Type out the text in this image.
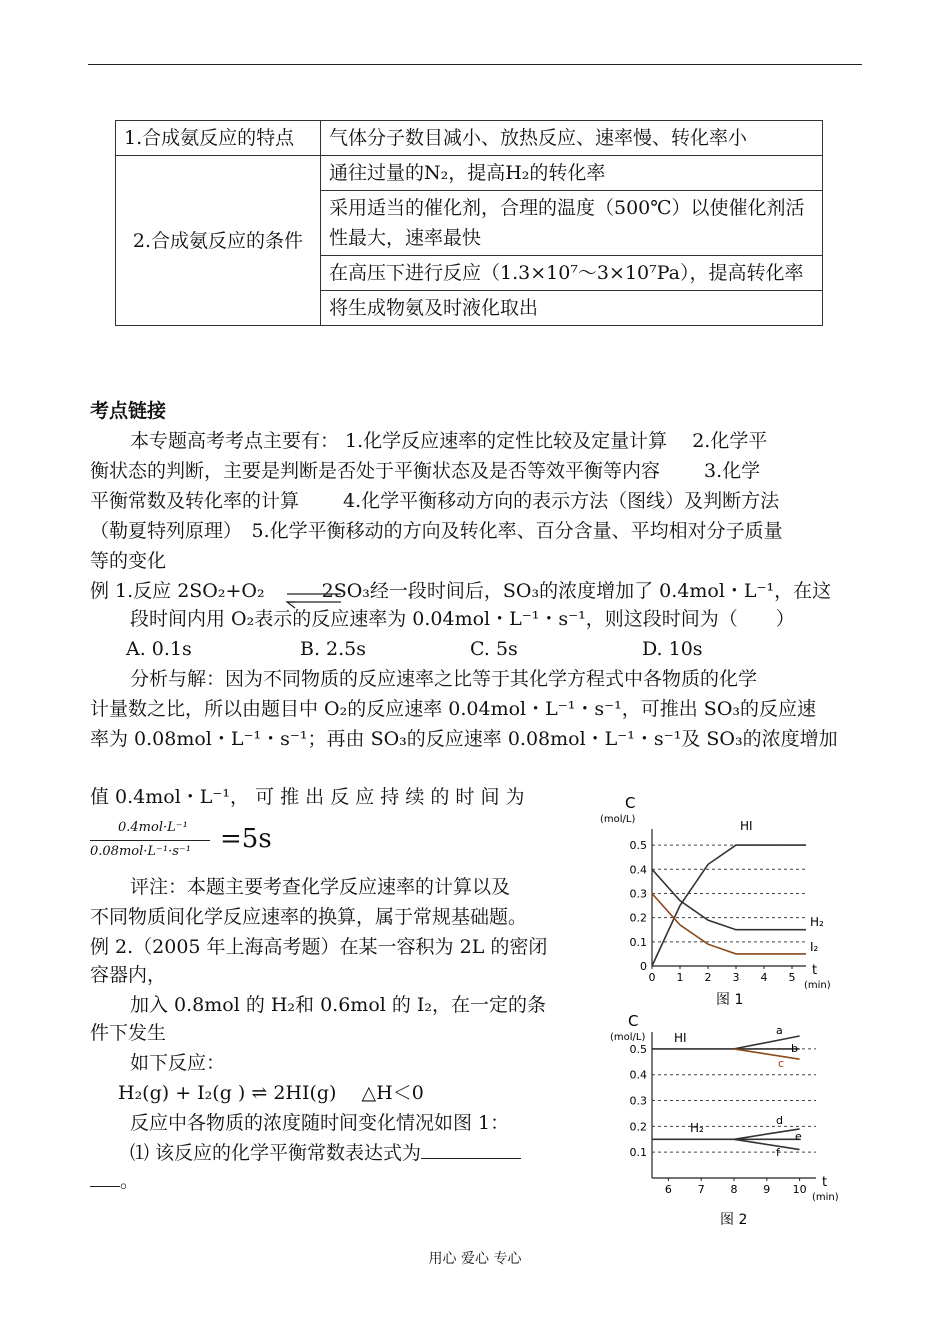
1.合成氨反应的特点	气体分子数目减小、放热反应、速率慢、转化率小
2.合成氨反应的条件	通往过量的N₂，提高H₂的转化率
	采用适当的催化剂，合理的温度（500℃）以使催化剂活性最大，速率最快
	在高压下进行反应（1.3×10⁷～3×10⁷Pa），提高转化率
	将生成物氨及时液化取出
考点链接
本专题高考考点主要有： 1.化学反应速率的定性比较及定量计算　 2.化学平
衡状态的判断，主要是判断是否处于平衡状态及是否等效平衡等内容　　 3.化学
平衡常数及转化率的计算　　 4.化学平衡移动方向的表示方法（图线）及判断方法
（勒夏特列原理）　5.化学平衡移动的方向及转化率、百分含量、平均相对分子质量
等的变化
例 1.反应 2SO₂+O₂　　　2SO₃经一段时间后，SO₃的浓度增加了 0.4mol・L⁻¹，在这
段时间内用 O₂表示的反应速率为 0.04mol・L⁻¹・s⁻¹，则这段时间为（　　）
A. 0.1s	B. 2.5s	C. 5s	D. 10s
分析与解：因为不同物质的反应速率之比等于其化学方程式中各物质的化学
计量数之比，所以由题目中 O₂的反应速率 0.04mol・L⁻¹・s⁻¹，可推出 SO₃的反应速
率为 0.08mol・L⁻¹・s⁻¹；再由 SO₃的反应速率 0.08mol・L⁻¹・s⁻¹及 SO₃的浓度增加
值 0.4mol・L⁻¹， 可 推 出 反 应 持 续 的 时 间 为
0.4mol·L⁻¹
0.08mol·L⁻¹·s⁻¹ =5s
评注：本题主要考查化学反应速率的计算以及
不同物质间化学反应速率的换算，属于常规基础题。
例 2.（2005 年上海高考题）在某一容积为 2L 的密闭
容器内，
加入 0.8mol 的 H₂和 0.6mol 的 I₂，在一定的条
件下发生
如下反应：
H₂(g) + I₂(g ) ⇌ 2HI(g)　 △H＜0
反应中各物质的浓度随时间变化情况如图 1：
⑴ 该反应的化学平衡常数表达式为
。
0.5
0.4
0.3
0.2
0.1
0
0 1 2 3 4 5
C
(mol/L)
t
(min)
HI
H₂
I₂
图 1
0.5
0.4
0.3
0.2
0.1
6 7 8 9 10
C
(mol/L)
t
(min)
HI
H₂
a
b
c
d
e
f
图 2
用心 爱心 专心
